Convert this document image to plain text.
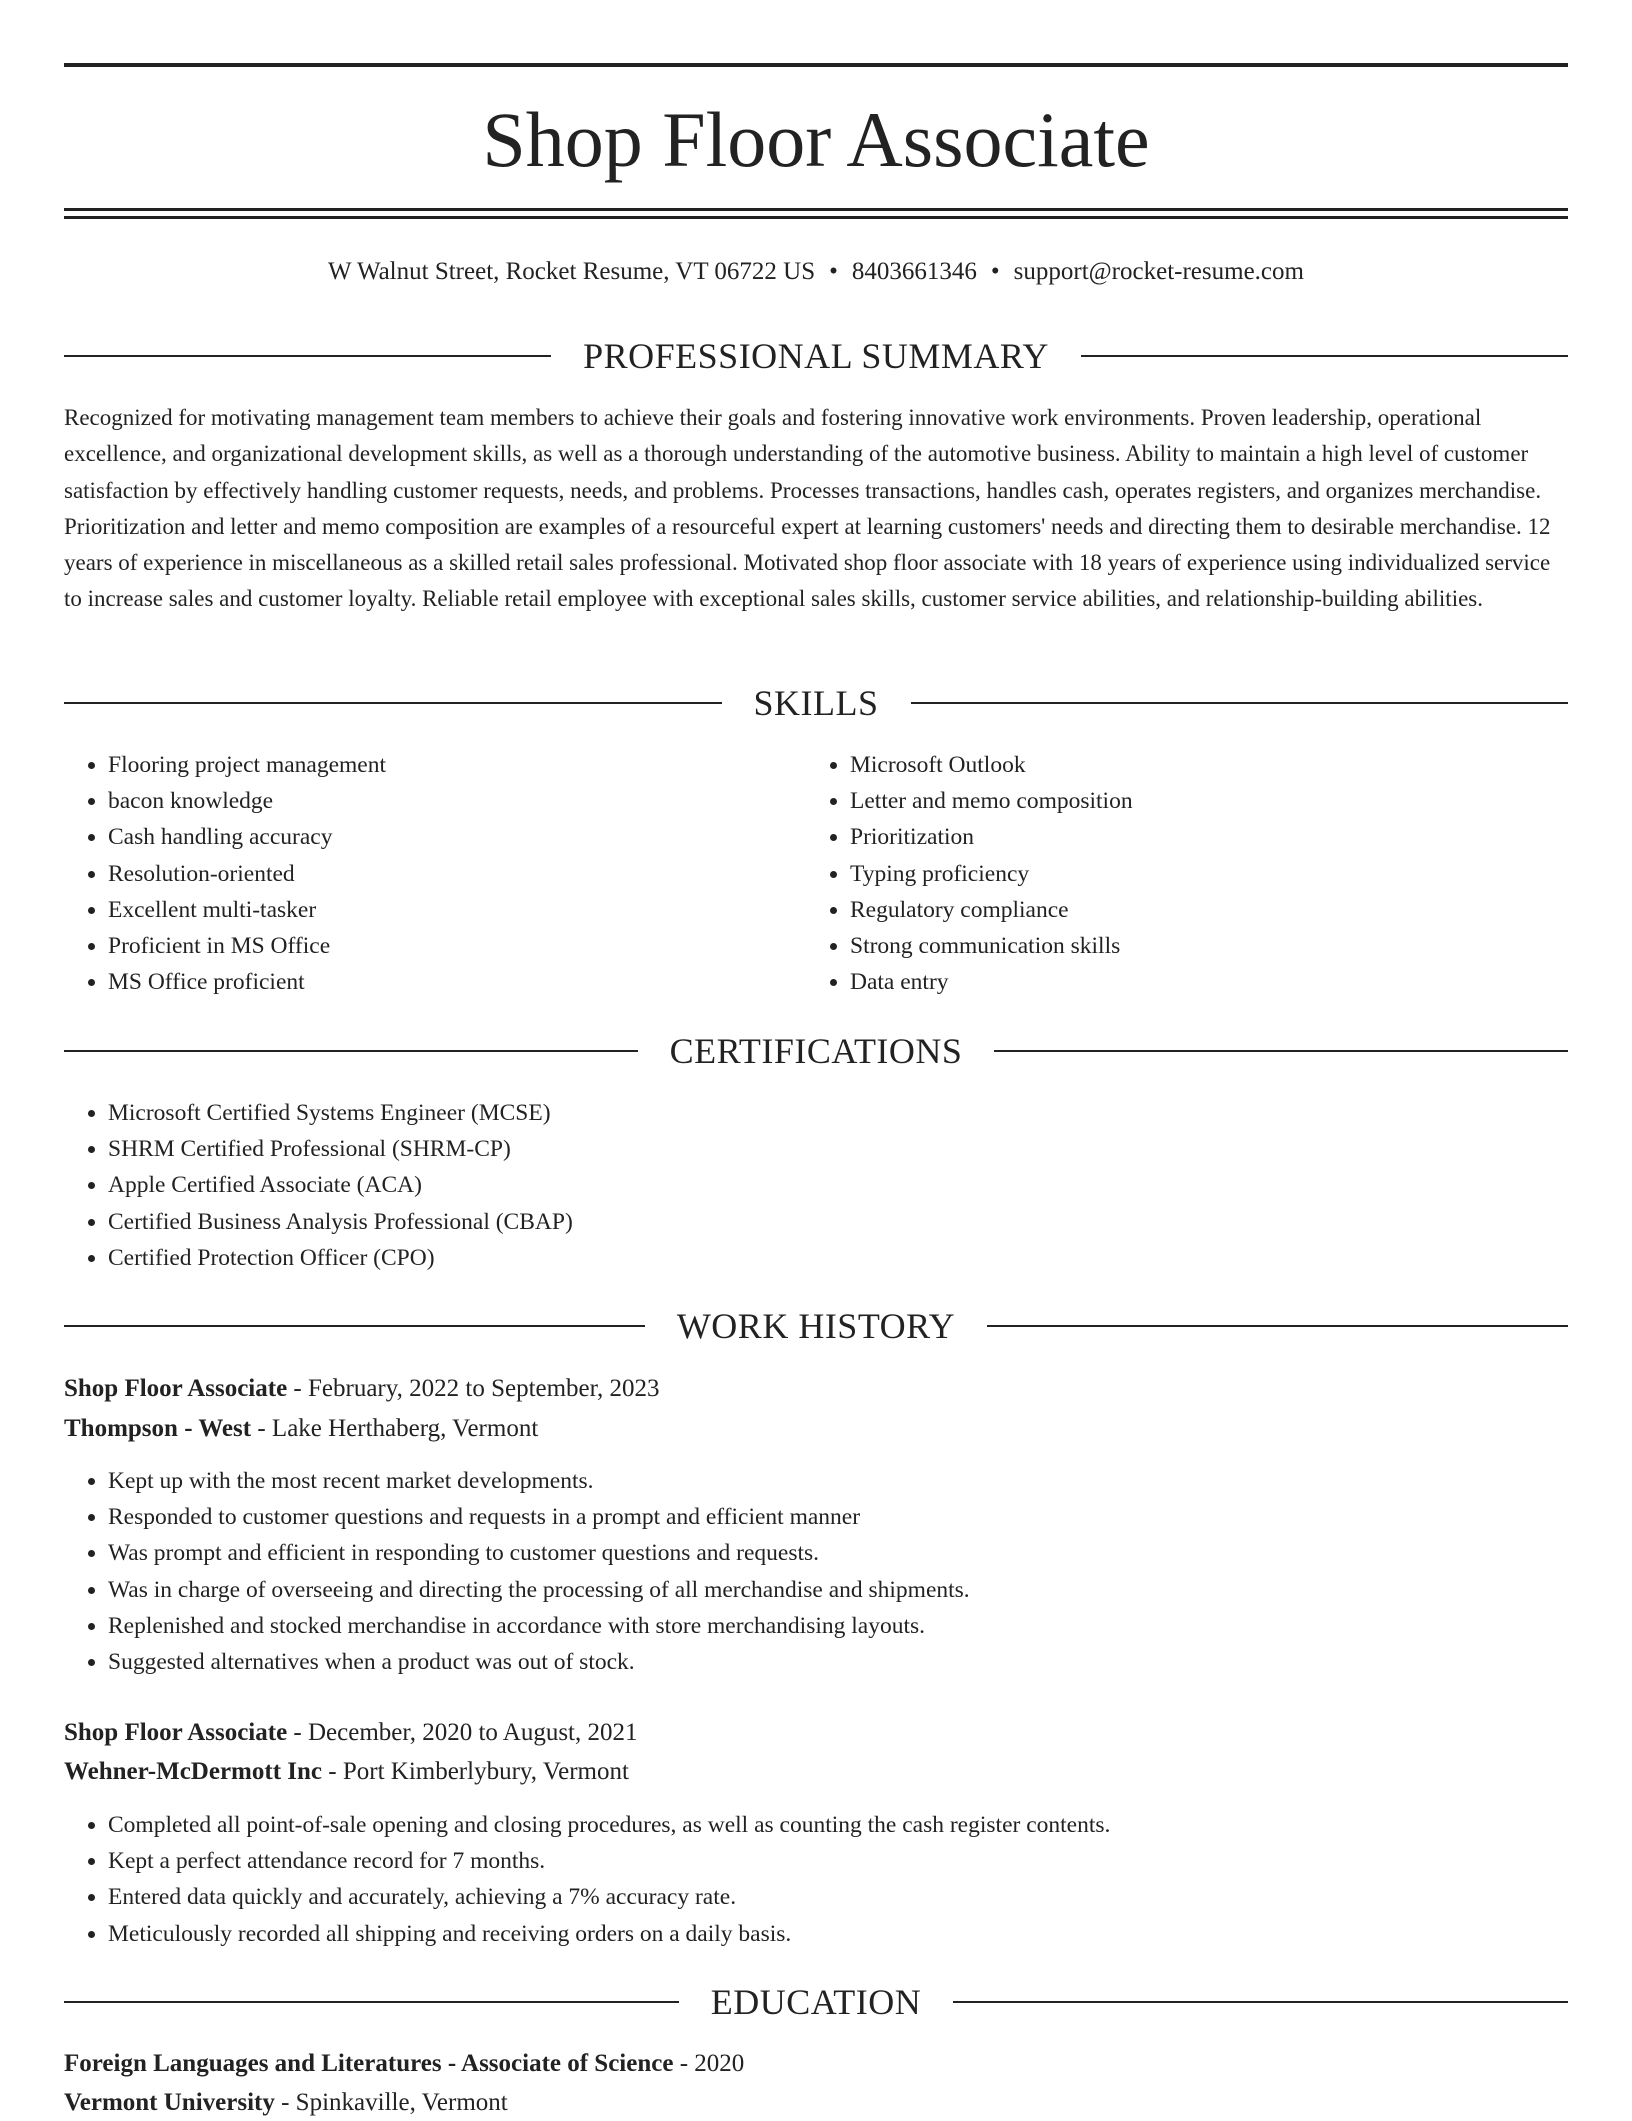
Shop Floor Associate
W Walnut Street, Rocket Resume, VT 06722 US • 8403661346 • support@rocket-resume.com
PROFESSIONAL SUMMARY

Recognized for motivating management team members to achieve their goals and fostering innovative work environments. Proven leadership, operational excellence, and organizational development skills, as well as a thorough understanding of the automotive business. Ability to maintain a high level of customer satisfaction by effectively handling customer requests, needs, and problems. Processes transactions, handles cash, operates registers, and organizes merchandise. Prioritization and letter and memo composition are examples of a resourceful expert at learning customers' needs and directing them to desirable merchandise. 12 years of experience in miscellaneous as a skilled retail sales professional. Motivated shop floor associate with 18 years of experience using individualized service to increase sales and customer loyalty. Reliable retail employee with exceptional sales skills, customer service abilities, and relationship-building abilities.

SKILLS
• Flooring project management
• bacon knowledge
• Cash handling accuracy
• Resolution-oriented
• Excellent multi-tasker
• Proficient in MS Office
• MS Office proficient
• Microsoft Outlook
• Letter and memo composition
• Prioritization
• Typing proficiency
• Regulatory compliance
• Strong communication skills
• Data entry
CERTIFICATIONS
• Microsoft Certified Systems Engineer (MCSE)
• SHRM Certified Professional (SHRM-CP)
• Apple Certified Associate (ACA)
• Certified Business Analysis Professional (CBAP)
• Certified Protection Officer (CPO)
WORK HISTORY
Shop Floor Associate - February, 2022 to September, 2023
Thompson - West - Lake Herthaberg, Vermont
• Kept up with the most recent market developments.
• Responded to customer questions and requests in a prompt and efficient manner
• Was prompt and efficient in responding to customer questions and requests.
• Was in charge of overseeing and directing the processing of all merchandise and shipments.
• Replenished and stocked merchandise in accordance with store merchandising layouts.
• Suggested alternatives when a product was out of stock.
Shop Floor Associate - December, 2020 to August, 2021
Wehner-McDermott Inc - Port Kimberlybury, Vermont
• Completed all point-of-sale opening and closing procedures, as well as counting the cash register contents.
• Kept a perfect attendance record for 7 months.
• Entered data quickly and accurately, achieving a 7% accuracy rate.
• Meticulously recorded all shipping and receiving orders on a daily basis.
EDUCATION
Foreign Languages and Literatures - Associate of Science - 2020
Vermont University - Spinkaville, Vermont
